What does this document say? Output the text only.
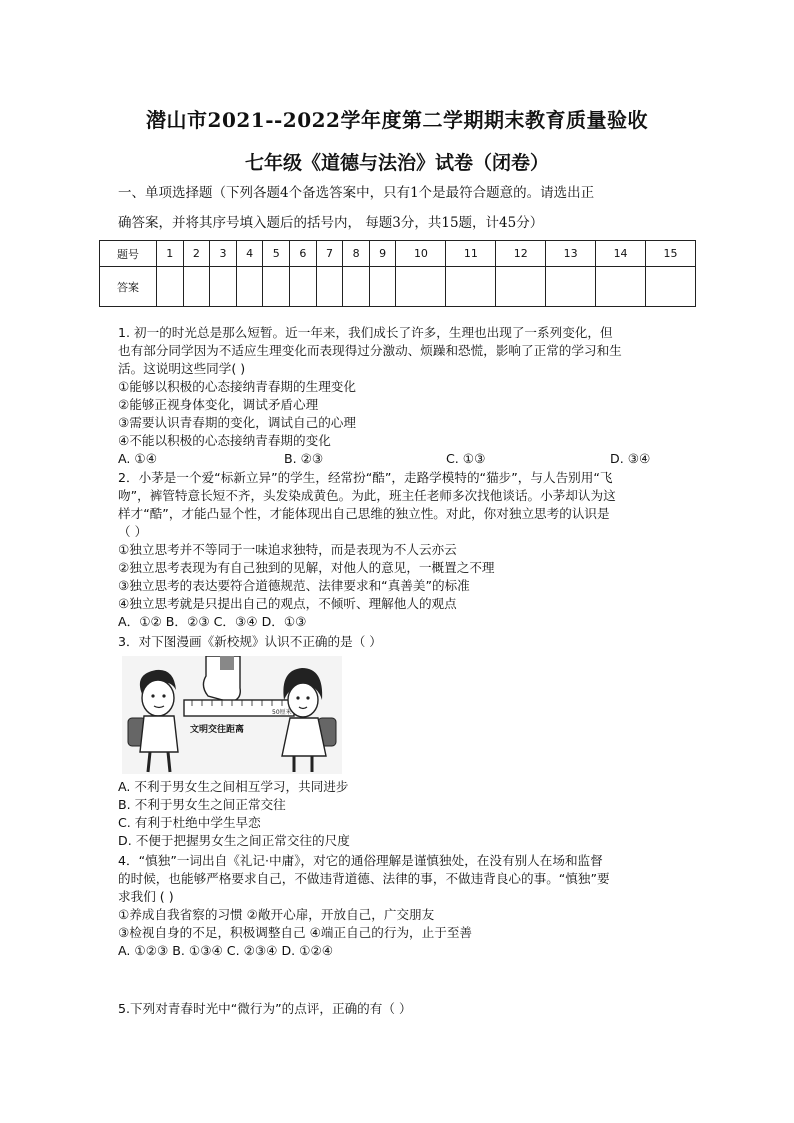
潜山市2021--2022学年度第二学期期末教育质量验收
七年级《道德与法治》试卷（闭卷）
一、单项选择题（下列各题4个备选答案中，只有1个是最符合题意的。请选出正
确答案，并将其序号填入题后的括号内， 每题3分，共15题，计45分）
题号	1	2	3	4	5	6	7	8	9	10	11	12	13	14	15
答案															
1. 初一的时光总是那么短暂。近一年来，我们成长了许多，生理也出现了一系列变化，但
也有部分同学因为不适应生理变化而表现得过分激动、烦躁和恐慌，影响了正常的学习和生
活。这说明这些同学( )
①能够以积极的心态接纳青春期的生理变化
②能够正视身体变化，调试矛盾心理
③需要认识青春期的变化，调试自己的心理
④不能以积极的心态接纳青春期的变化
A. ①④	B. ②③	C. ①③	D. ③④
2．小茅是一个爱“标新立异”的学生，经常扮“酷”，走路学模特的“猫步”，与人告别用“飞
吻”，裤管特意长短不齐，头发染成黄色。为此，班主任老师多次找他谈话。小茅却认为这
样才“酷”，才能凸显个性，才能体现出自己思维的独立性。对此，你对独立思考的认识是
（ ）
①独立思考并不等同于一味追求独特，而是表现为不人云亦云
②独立思考表现为有自己独到的见解，对他人的意见，一概置之不理
③独立思考的表达要符合道德规范、法律要求和“真善美”的标准
④独立思考就是只提出自己的观点，不倾听、理解他人的观点
A．①② B．②③ C．③④ D．①③
3．对下图漫画《新校规》认识不正确的是（ ）
50厘米
文明交往距离
A. 不利于男女生之间相互学习，共同进步
B. 不利于男女生之间正常交往
C. 有利于杜绝中学生早恋
D. 不便于把握男女生之间正常交往的尺度
4．“慎独”一词出自《礼记·中庸》，对它的通俗理解是谨慎独处，在没有别人在场和监督
的时候，也能够严格要求自己，不做违背道德、法律的事，不做违背良心的事。“慎独”要
求我们 ( )
①养成自我省察的习惯 ②敞开心扉，开放自己，广交朋友
③检视自身的不足，积极调整自己 ④端正自己的行为，止于至善
A. ①②③ B. ①③④ C. ②③④ D. ①②④
5.下列对青春时光中“微行为”的点评，正确的有（ ）
